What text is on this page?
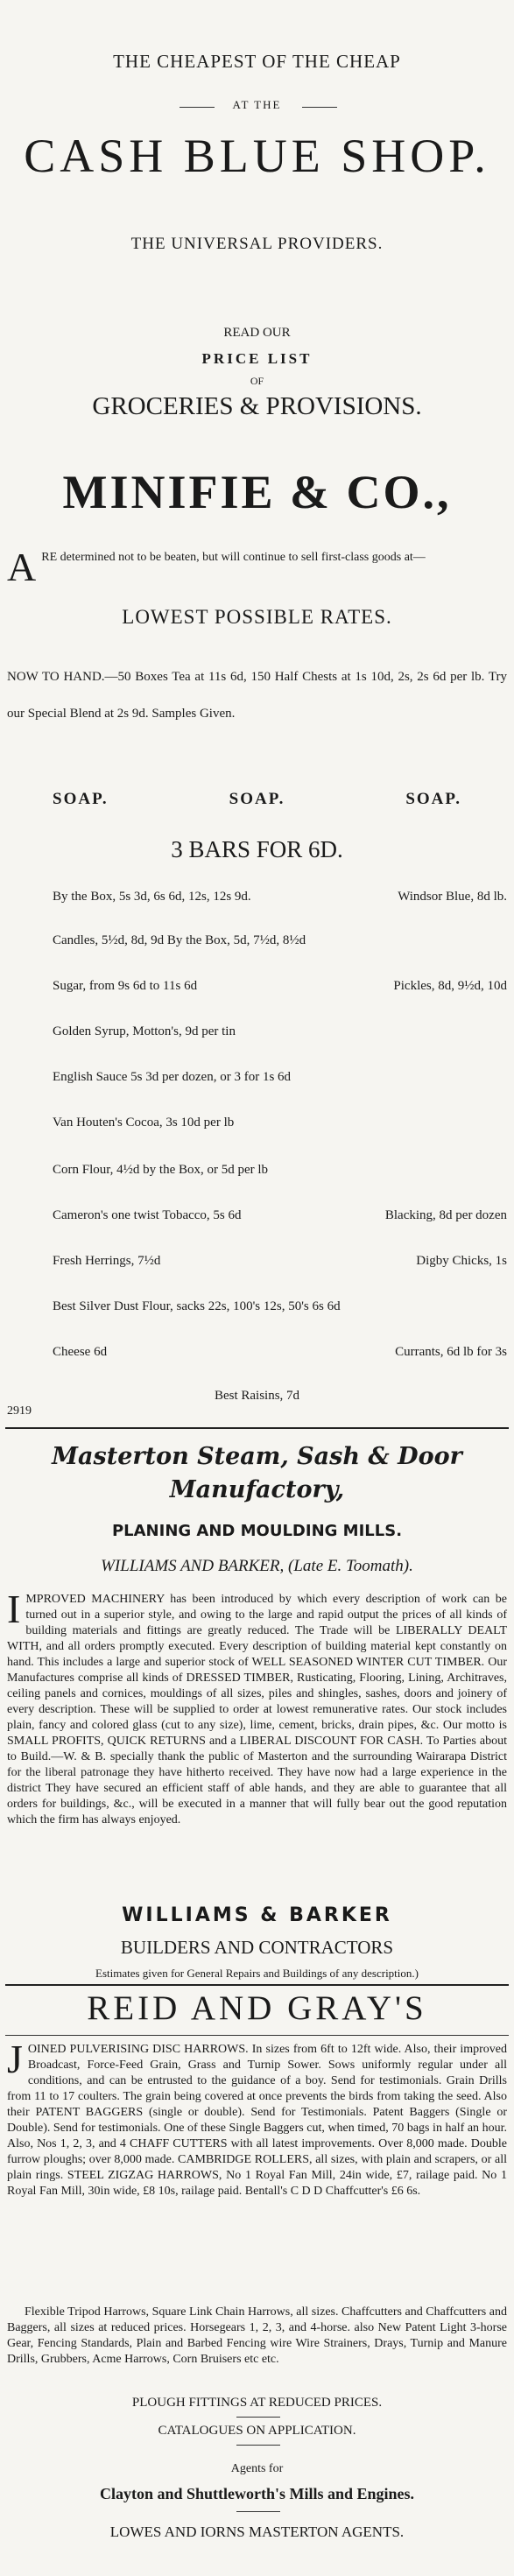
THE CHEAPEST OF THE CHEAP
AT THE
CASH BLUE SHOP.
THE UNIVERSAL PROVIDERS.
READ OUR
PRICE LIST
OF
GROCERIES & PROVISIONS.
MINIFIE & CO.,
A RE determined not to be beaten, but will continue to sell first-class goods at—
LOWEST POSSIBLE RATES.
NOW TO HAND.—50 Boxes Tea at 11s 6d, 150 Half Chests at 1s 10d, 2s, 2s 6d per lb. Try our Special Blend at 2s 9d. Samples Given.
SOAP.	SOAP.	SOAP.
3 BARS FOR 6D.
By the Box, 5s 3d, 6s 6d, 12s, 12s 9d.	Windsor Blue, 8d lb.
Candles, 5½d, 8d, 9d By the Box, 5d, 7½d, 8½d
Sugar, from 9s 6d to 11s 6d	Pickles, 8d, 9½d, 10d
Golden Syrup, Motton's, 9d per tin
English Sauce 5s 3d per dozen, or 3 for 1s 6d
Van Houten's Cocoa, 3s 10d per lb
Corn Flour, 4½d by the Box, or 5d per lb
Cameron's one twist Tobacco, 5s 6d	Blacking, 8d per dozen
Fresh Herrings, 7½d	Digby Chicks, 1s
Best Silver Dust Flour, sacks 22s, 100's 12s, 50's 6s 6d
Cheese 6d	Currants, 6d lb for 3s
Best Raisins, 7d
2919
Masterton Steam, Sash & Door
Manufactory,
PLANING AND MOULDING MILLS.
WILLIAMS AND BARKER, (Late E. Toomath).

I MPROVED MACHINERY has been introduced by which every description of work can be turned out in a superior style, and owing to the large and rapid output the prices of all kinds of building materials and fittings are greatly reduced. The Trade will be LIBERALLY DEALT WITH, and all orders promptly executed. Every description of building material kept constantly on hand. This includes a large and superior stock of WELL SEASONED WINTER CUT TIMBER. Our Manufactures comprise all kinds of DRESSED TIMBER, Rusticating, Flooring, Lining, Architraves, ceiling panels and cornices, mouldings of all sizes, piles and shingles, sashes, doors and joinery of every description. These will be supplied to order at lowest remunerative rates. Our stock includes plain, fancy and colored glass (cut to any size), lime, cement, bricks, drain pipes, &c. Our motto is SMALL PROFITS, QUICK RETURNS and a LIBERAL DISCOUNT FOR CASH. To Parties about to Build.—W. & B. specially thank the public of Masterton and the surrounding Wairarapa District for the liberal patronage they have hitherto received. They have now had a large experience in the district They have secured an efficient staff of able hands, and they are able to guarantee that all orders for buildings, &c., will be executed in a manner that will fully bear out the good reputation which the firm has always enjoyed.

WILLIAMS & BARKER
BUILDERS AND CONTRACTORS
Estimates given for General Repairs and Buildings of any description.)
REID AND GRAY'S

J OINED PULVERISING DISC HARROWS. In sizes from 6ft to 12ft wide. Also, their improved Broadcast, Force-Feed Grain, Grass and Turnip Sower. Sows uniformly regular under all conditions, and can be entrusted to the guidance of a boy. Send for testimonials. Grain Drills from 11 to 17 coulters. The grain being covered at once prevents the birds from taking the seed. Also their PATENT BAGGERS (single or double). Send for Testimonials. Patent Baggers (Single or Double). Send for testimonials. One of these Single Baggers cut, when timed, 70 bags in half an hour. Also, Nos 1, 2, 3, and 4 CHAFF CUTTERS with all latest improvements. Over 8,000 made. Double furrow ploughs; over 8,000 made. CAMBRIDGE ROLLERS, all sizes, with plain and scrapers, or all plain rings. STEEL ZIGZAG HARROWS, No 1 Royal Fan Mill, 24in wide, £7, railage paid. No 1 Royal Fan Mill, 30in wide, £8 10s, railage paid. Bentall's C D D Chaffcutter's £6 6s.

Flexible Tripod Harrows, Square Link Chain Harrows, all sizes. Chaffcutters and Chaffcutters and Baggers, all sizes at reduced prices. Horsegears 1, 2, 3, and 4-horse. also New Patent Light 3-horse Gear, Fencing Standards, Plain and Barbed Fencing wire Wire Strainers, Drays, Turnip and Manure Drills, Grubbers, Acme Harrows, Corn Bruisers etc etc.

PLOUGH FITTINGS AT REDUCED PRICES.
CATALOGUES ON APPLICATION.
Agents for
Clayton and Shuttleworth's Mills and Engines.
LOWES AND IORNS MASTERTON AGENTS.
